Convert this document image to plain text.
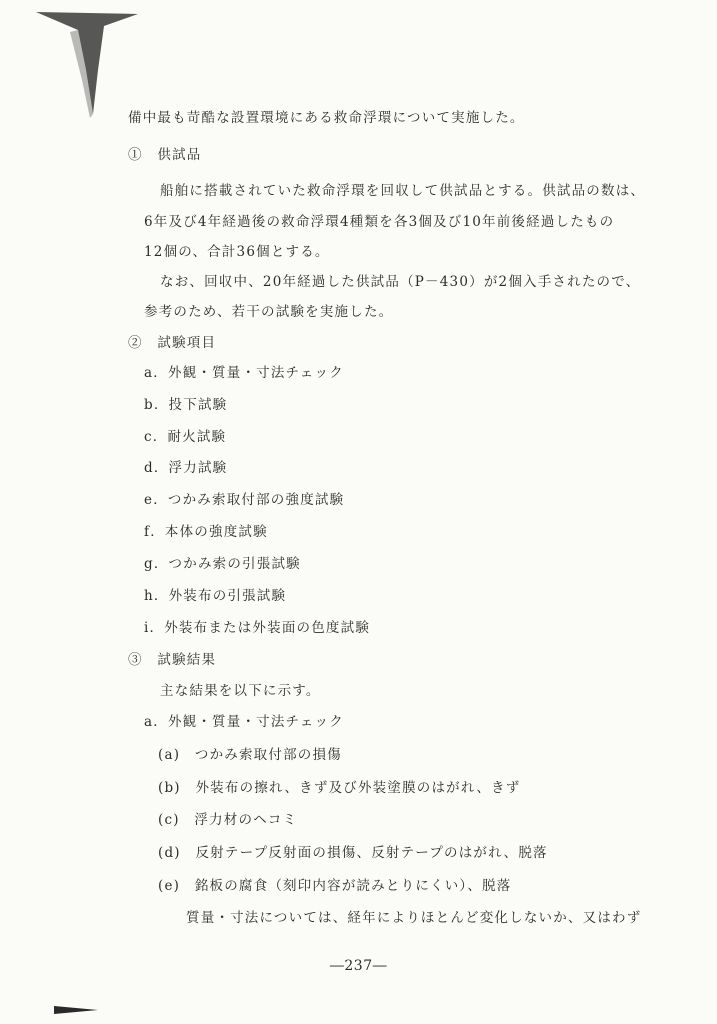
備中最も苛酷な設置環境にある救命浮環について実施した。
①　供試品
船舶に搭載されていた救命浮環を回収して供試品とする。供試品の数は、
6年及び4年経過後の救命浮環4種類を各3個及び10年前後経過したもの
12個の、合計36個とする。
なお、回収中、20年経過した供試品（P－430）が2個入手されたので、
参考のため、若干の試験を実施した。
②　試験項目
a．外観・質量・寸法チェック
b．投下試験
c．耐火試験
d．浮力試験
e．つかみ索取付部の強度試験
f．本体の強度試験
g．つかみ索の引張試験
h．外装布の引張試験
i．外装布または外装面の色度試験
③　試験結果
主な結果を以下に示す。
a．外観・質量・寸法チェック
(a)　つかみ索取付部の損傷
(b)　外装布の擦れ、きず及び外装塗膜のはがれ、きず
(c)　浮力材のヘコミ
(d)　反射テープ反射面の損傷、反射テープのはがれ、脱落
(e)　銘板の腐食（刻印内容が読みとりにくい）、脱落
質量・寸法については、経年によりほとんど変化しないか、又はわず
―237―
